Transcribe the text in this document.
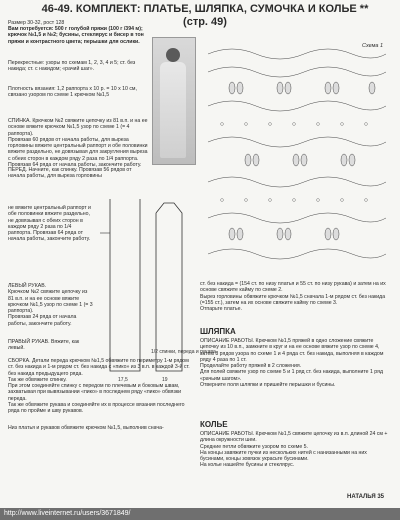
46-49. КОМПЛЕКТ: ПЛАТЬЕ, ШЛЯПКА, СУМОЧКА И КОЛЬЕ ** (стр. 49)
Размер 30-32, рост 128
Вам потребуется: 500 г голубой пряжи (100 г /394 м); крючок №1,5 и №2; бусины, стеклярус и бисер в тон пряжи и контрастного цвета; перышки для ослики.
Перекрестные: узоры по схемам 1, 2, 3, 4 и 5; ст. без накида; ст. с накидом; «рачий шаг».
Плотность вязания: 1,2 раппорта х 10 р. = 10 х 10 см, связано узором по схеме 1 крючком №1,5
СПИНКА. Крючком №2 свяжите цепочку из 81 в.п. и на ее основе вяжите крючком №1,5 узор по схеме 1 (= 4 раппорта).
Провязав 60 рядов от начала работы, для выреза горловины вяжите центральный раппорт и обе половинки вяжите раздельно, не довязывая для закругления выреза с обеих сторон в каждом ряду 2 раза по 1/4 раппорта.
Провязав 64 ряда от начала работы, закончите работу.
ПЕРЕД. Начните, как спинку. Провязав 56 рядов от начала работы, для выреза горловины
не вяжите центральный раппорт и обе половинки вяжите раздельно, не довязывая с обеих сторон в каждом ряду 2 раза по 1/4 раппорта. Провязав 64 ряда от начала работы, закончите работу.
ЛЕВЫЙ РУКАВ.
Крючком №2 свяжите цепочку из 81 в.п. и на ее основе вяжите крючком №1,5 узор по схеме 1 (= 3 раппорта).
Провязав 24 ряда от начала работы, закончите работу.
ПРАВЫЙ РУКАВ. Вяжите, как левый.
СБОРКА. Детали переда крючком №1,5 обвяжите по периметру 1-м рядом ст. без накида и 1-м рядом ст. без накида с «пико» из 3 в.п. в каждой 3-й ст. без накида предыдущего ряда.
Так же обвяжите спинку.
При этом соединяйте спинку с передом по плечевым и боковым швам, захватывая при вывязывании «пико» в последнем ряду «пико» обвязки переда.
Так же обвяжите рукава и соединяйте их в процессе вязания последнего ряда по пройме и шву рукавов.
Низ платья и рукавов обвяжите крючком №1,5, выполнив снача-
1/2 спинки, переда и рукава
17,5	19
Схема 1
ст. без накида = (154 ст. по низу платья и 55 ст. по низу рукава) и затем на их основе свяжите кайму по схеме 2.
Вырез горловины обвяжите крючком №1,5 сначала 1-м рядом ст. без накида (=155 ст.), затем на их основе свяжите кайму по схеме 3.
Отпарьте платье.
ШЛЯПКА
ОПИСАНИЕ РАБОТЫ. Крючком №1,5 пряжей в одно сложение свяжите цепочку из 10 в.п., замкните в круг и на ее основе вяжите узор по схеме 4, затем 8 рядов узора по схеме 1 и 4 ряда ст. без накида, выполняя в каждом ряду 4 раза по 1 ст.
Проделайте работу пряжей в 2 сложения.
Для полей свяжите узор по схеме 5 и 1 ряд ст. без накида, выполните 1 ряд «рачьим шагом».
Отверните поля шляпки и пришейте перышки и бусины.
КОЛЬЕ
ОПИСАНИЕ РАБОТЫ. Крючком №1,5 свяжите цепочку из в.п. длиной 24 см + длина окружности шеи.
Средние петли обвяжите узором по схеме 5.
На концы завяжите пучки из нескольких нитей с нанизанными на них бусинами, концы зовязок украсьте бусинами.
На колье нашейте бусины и стеклярус.
НАТАЛЬЯ 35
http://www.liveinternet.ru/users/3671849/
